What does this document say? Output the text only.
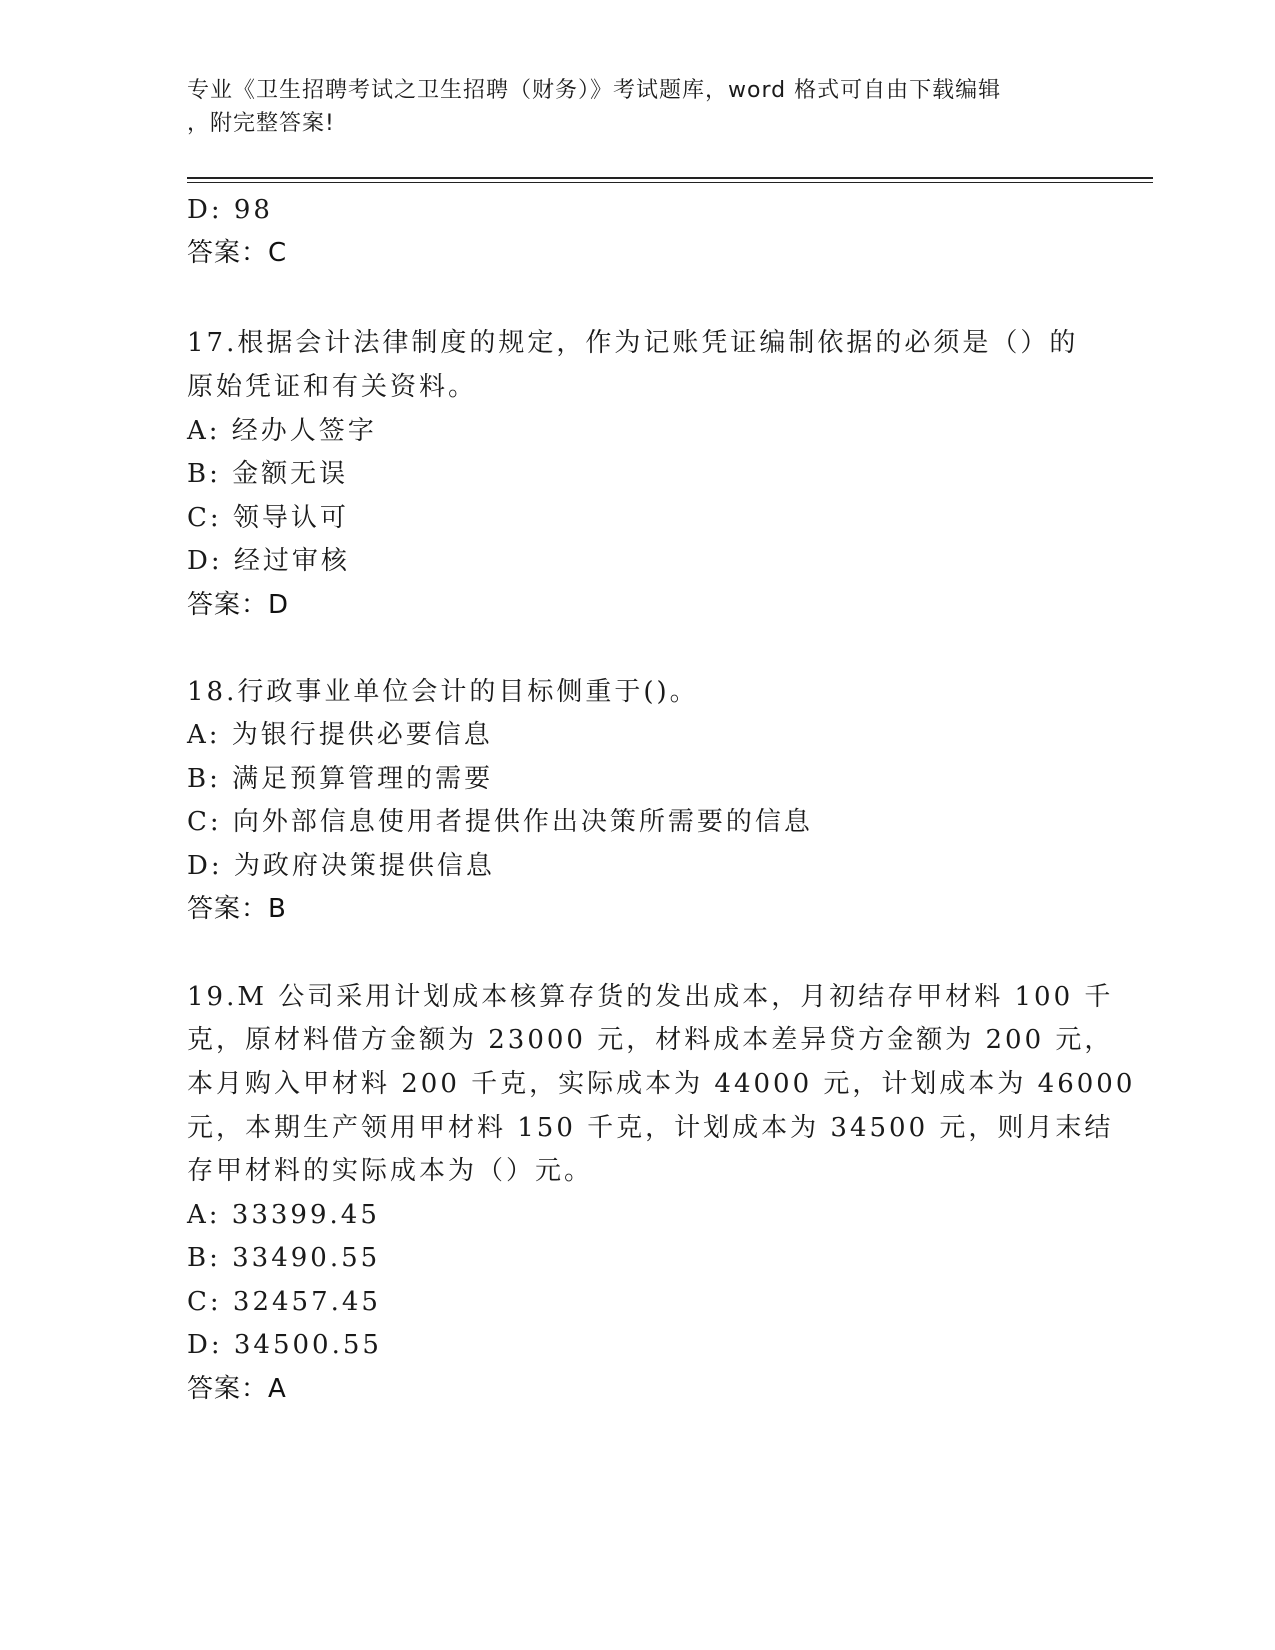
专业《卫生招聘考试之卫生招聘（财务）》考试题库，word 格式可自由下载编辑
，附完整答案!
D: 98
答案：C
17.根据会计法律制度的规定，作为记账凭证编制依据的必须是（）的
原始凭证和有关资料。
A: 经办人签字
B: 金额无误
C: 领导认可
D: 经过审核
答案：D
18.行政事业单位会计的目标侧重于()。
A: 为银行提供必要信息
B: 满足预算管理的需要
C: 向外部信息使用者提供作出决策所需要的信息
D: 为政府决策提供信息
答案：B
19.M 公司采用计划成本核算存货的发出成本，月初结存甲材料 100 千
克，原材料借方金额为 23000 元，材料成本差异贷方金额为 200 元，
本月购入甲材料 200 千克，实际成本为 44000 元，计划成本为 46000
元，本期生产领用甲材料 150 千克，计划成本为 34500 元，则月末结
存甲材料的实际成本为（）元。
A: 33399.45
B: 33490.55
C: 32457.45
D: 34500.55
答案：A
